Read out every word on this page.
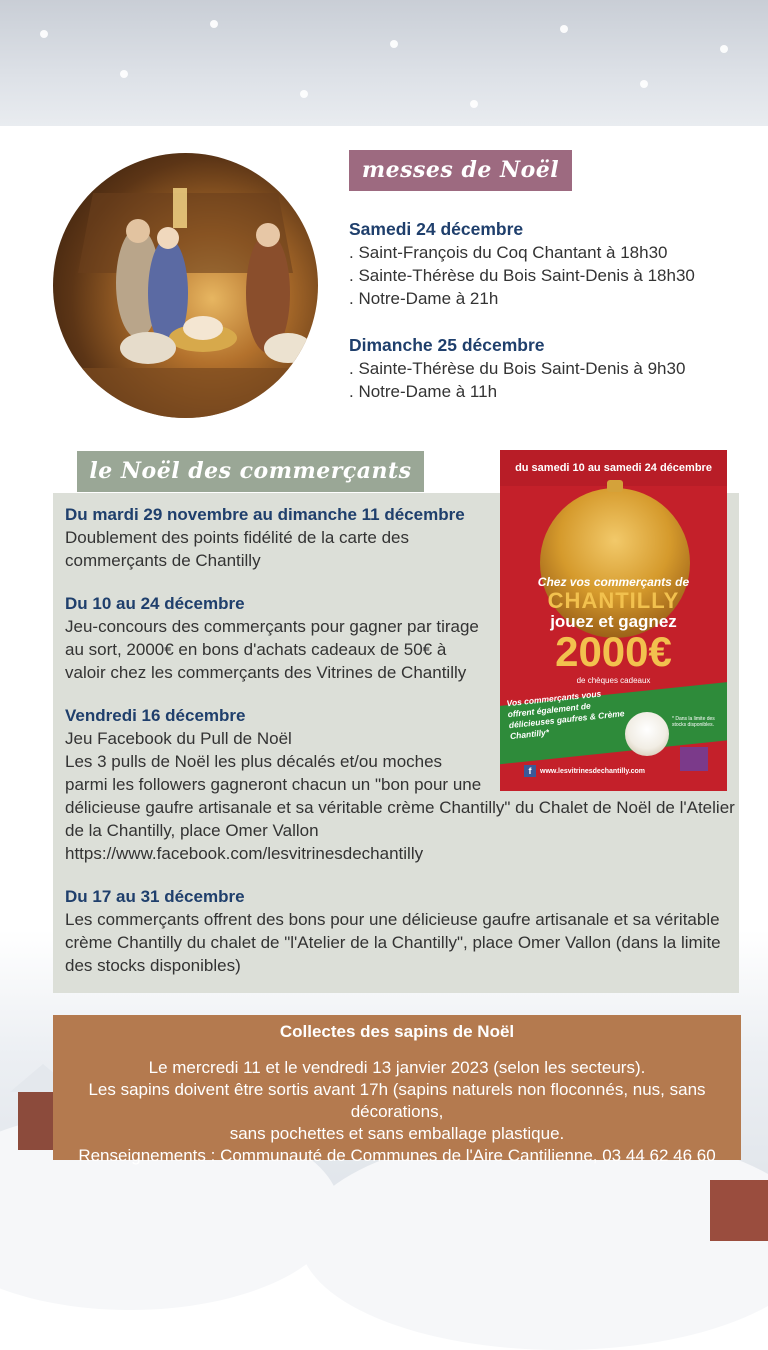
messes de Noël
Samedi 24 décembre
. Saint-François du Coq Chantant à 18h30
. Sainte-Thérèse du Bois Saint-Denis à 18h30
. Notre-Dame à 21h
Dimanche 25 décembre
. Sainte-Thérèse du Bois Saint-Denis à 9h30
. Notre-Dame à 11h
le Noël des commerçants
Du mardi 29 novembre au dimanche 11 décembre
Doublement des points fidélité de la carte des
commerçants de Chantilly
Du 10 au 24 décembre
Jeu-concours des commerçants pour gagner par tirage
au sort, 2000€ en bons d'achats cadeaux de 50€ à
valoir chez les commerçants des Vitrines de Chantilly
Vendredi 16 décembre
Jeu Facebook du Pull de Noël
Les 3 pulls de Noël les plus décalés et/ou moches
parmi les followers gagneront chacun un "bon pour une
délicieuse gaufre artisanale et sa véritable crème Chantilly" du Chalet de Noël de l'Atelier
de la Chantilly, place Omer Vallon
https://www.facebook.com/lesvitrinesdechantilly
Du 17 au 31 décembre
Les commerçants offrent des bons pour une délicieuse gaufre artisanale et sa véritable
crème Chantilly du chalet de "l'Atelier de la Chantilly", place Omer Vallon (dans la limite
des stocks disponibles)
du samedi 10 au samedi 24 décembre
Chez vos commerçants de
CHANTILLY
jouez et gagnez
2000€
de chèques cadeaux
Vos commerçants vous offrent également de délicieuses gaufres & Crème Chantilly*
* Dans la limite des stocks disponibles.
f	www.lesvitrinesdechantilly.com
Collectes des sapins de Noël
Le mercredi 11 et le vendredi 13 janvier 2023 (selon les secteurs).
Les sapins doivent être sortis avant 17h (sapins naturels non floconnés, nus, sans décorations,
sans pochettes et sans emballage plastique.
Renseignements : Communauté de Communes de l'Aire Cantilienne, 03 44 62 46 60
